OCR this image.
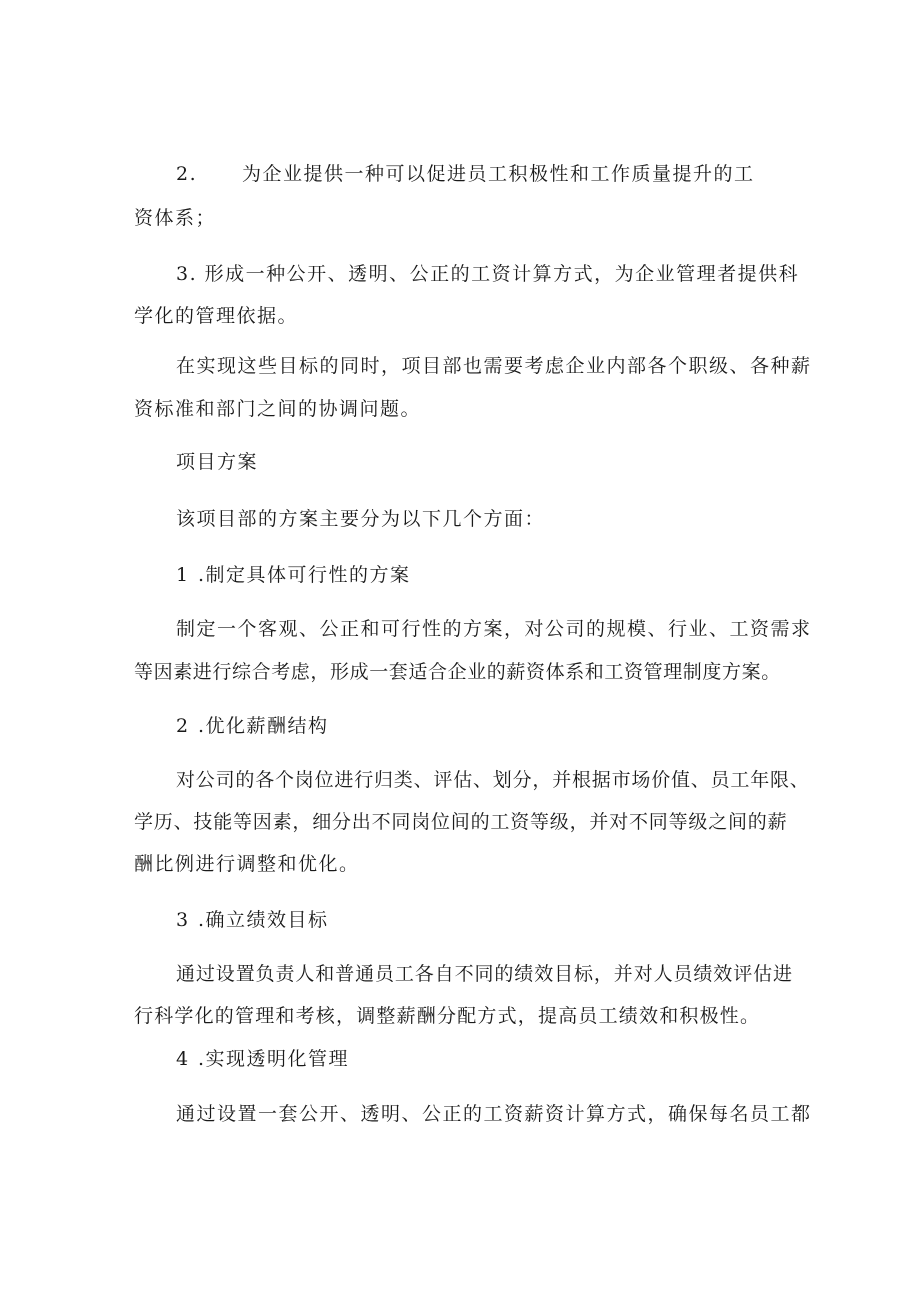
2. 为企业提供一种可以促进员工积极性和工作质量提升的工

资体系；

3. 形成一种公开、透明、公正的工资计算方式，为企业管理者提供科

学化的管理依据。

在实现这些目标的同时，项目部也需要考虑企业内部各个职级、各种薪

资标准和部门之间的协调问题。

项目方案

该项目部的方案主要分为以下几个方面：

1 .制定具体可行性的方案

制定一个客观、公正和可行性的方案，对公司的规模、行业、工资需求

等因素进行综合考虑，形成一套适合企业的薪资体系和工资管理制度方案。

2 .优化薪酬结构

对公司的各个岗位进行归类、评估、划分，并根据市场价值、员工年限、

学历、技能等因素，细分出不同岗位间的工资等级，并对不同等级之间的薪

酬比例进行调整和优化。

3 .确立绩效目标

通过设置负责人和普通员工各自不同的绩效目标，并对人员绩效评估进

行科学化的管理和考核，调整薪酬分配方式，提高员工绩效和积极性。

4 .实现透明化管理

通过设置一套公开、透明、公正的工资薪资计算方式，确保每名员工都
